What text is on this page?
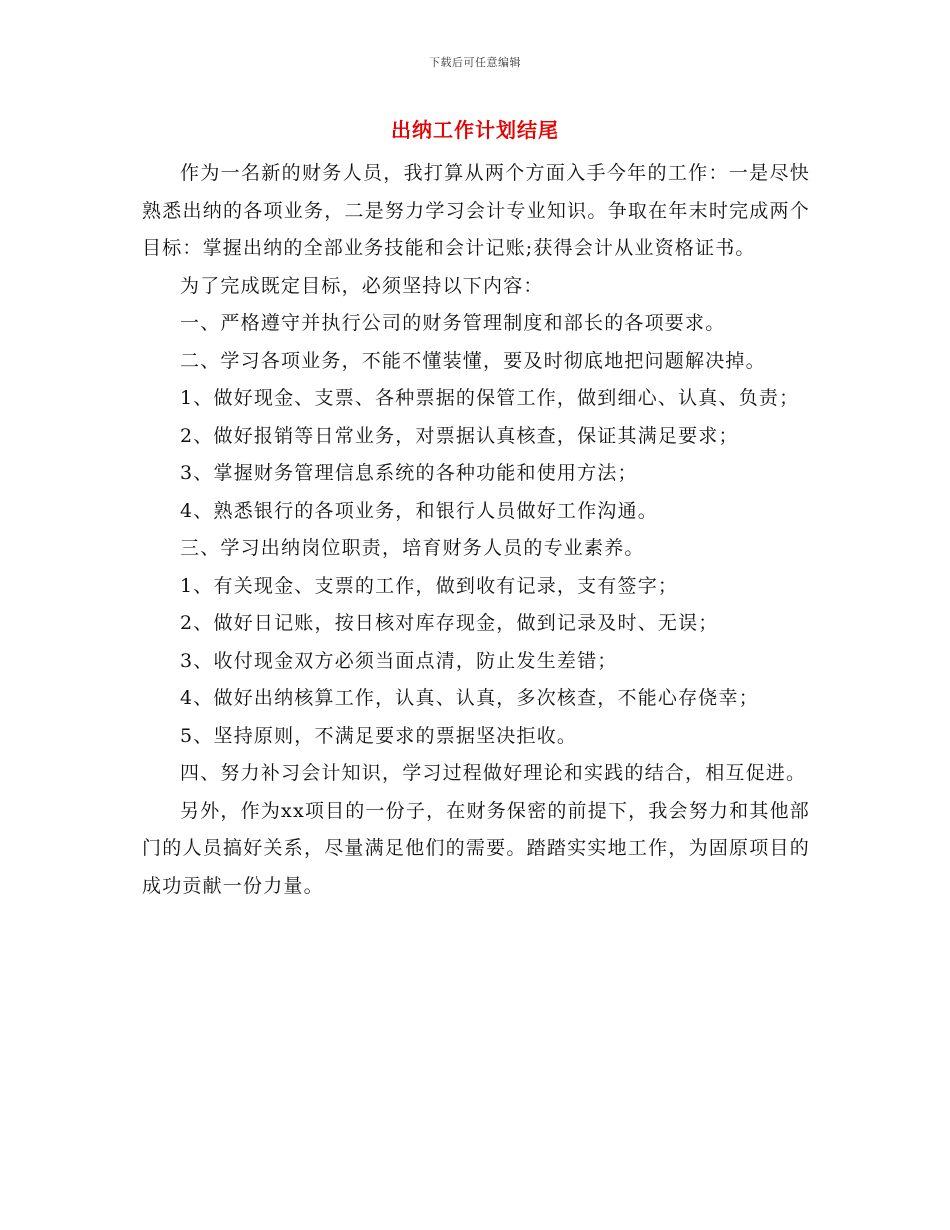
下载后可任意编辑
出纳工作计划结尾

作为一名新的财务人员，我打算从两个方面入手今年的工作：一是尽快熟悉出纳的各项业务，二是努力学习会计专业知识。争取在年末时完成两个目标：掌握出纳的全部业务技能和会计记账;获得会计从业资格证书。

为了完成既定目标，必须坚持以下内容：

一、严格遵守并执行公司的财务管理制度和部长的各项要求。

二、学习各项业务，不能不懂装懂，要及时彻底地把问题解决掉。

1、做好现金、支票、各种票据的保管工作，做到细心、认真、负责；

2、做好报销等日常业务，对票据认真核查，保证其满足要求；

3、掌握财务管理信息系统的各种功能和使用方法；

4、熟悉银行的各项业务，和银行人员做好工作沟通。

三、学习出纳岗位职责，培育财务人员的专业素养。

1、有关现金、支票的工作，做到收有记录，支有签字；

2、做好日记账，按日核对库存现金，做到记录及时、无误；

3、收付现金双方必须当面点清，防止发生差错；

4、做好出纳核算工作，认真、认真，多次核查，不能心存侥幸；

5、坚持原则，不满足要求的票据坚决拒收。

四、努力补习会计知识，学习过程做好理论和实践的结合，相互促进。

另外，作为xx项目的一份子，在财务保密的前提下，我会努力和其他部门的人员搞好关系，尽量满足他们的需要。踏踏实实地工作，为固原项目的成功贡献一份力量。
